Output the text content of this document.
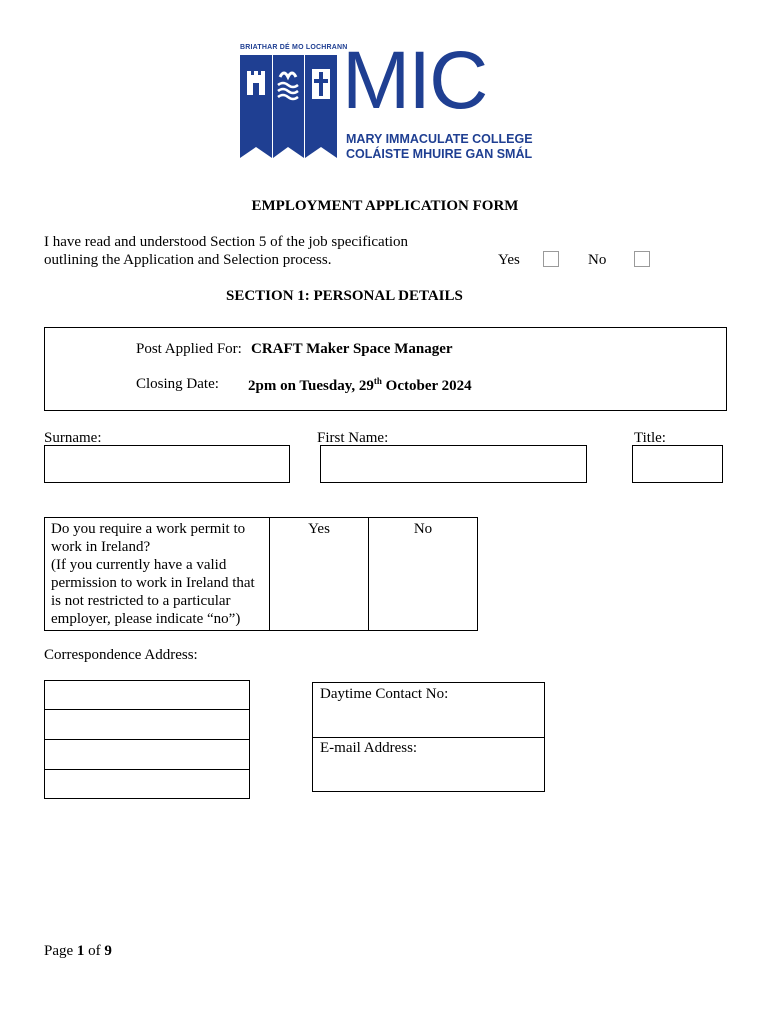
BRIATHAR DÉ MO LOCHRANN
MIC
MARY IMMACULATE COLLEGE
COLÁISTE MHUIRE GAN SMÁL
EMPLOYMENT APPLICATION FORM
I have read and understood Section 5 of the job specification
outlining the Application and Selection process.	Yes	No
SECTION 1: PERSONAL DETAILS
Post Applied For: CRAFT Maker Space Manager
Closing Date: 2pm on Tuesday, 29th October 2024
Surname:	First Name:	Title:
Do you require a work permit to
work in Ireland?
(If you currently have a valid
permission to work in Ireland that
is not restricted to a particular
employer, please indicate “no”)
	Yes	No
Correspondence Address:
Daytime Contact No:
E-mail Address:
Page 1 of 9
